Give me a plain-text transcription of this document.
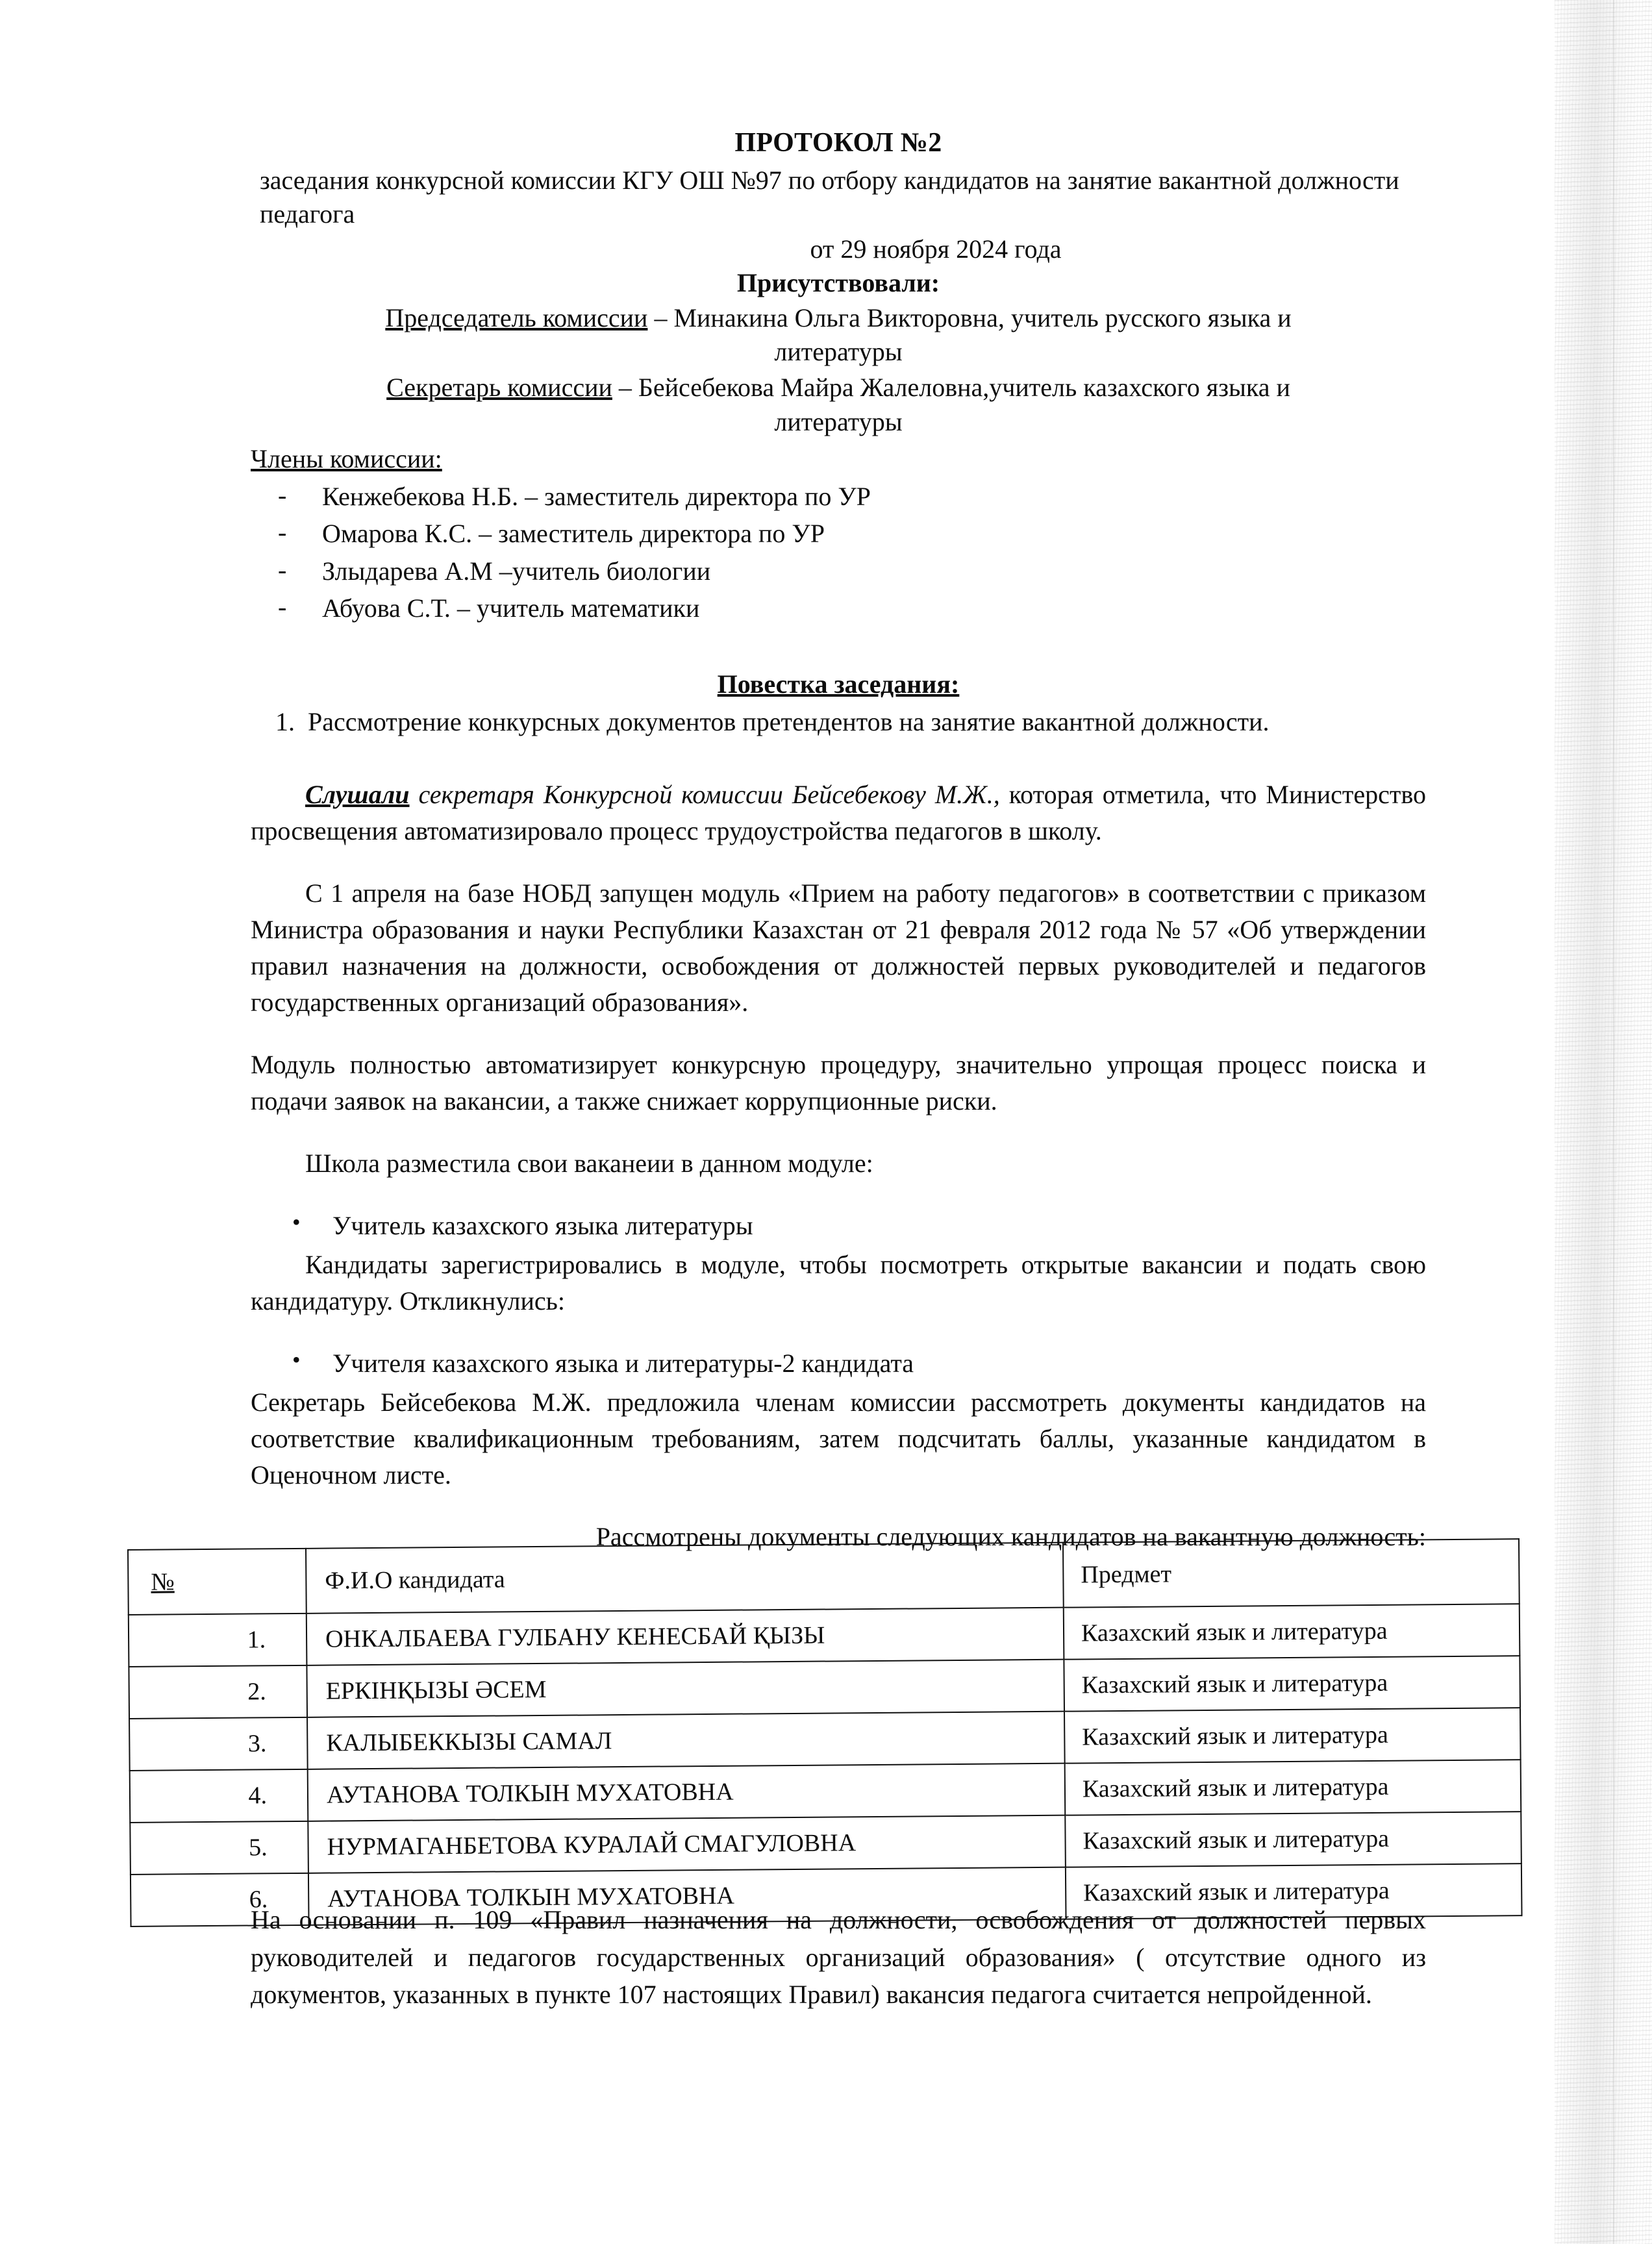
ПРОТОКОЛ №2
заседания конкурсной комиссии КГУ ОШ №97 по отбору кандидатов на занятие вакантной должности педагога
от 29 ноября 2024 года
Присутствовали:
Председатель комиссии – Минакина Ольга Викторовна, учитель русского языка и
литературы
Секретарь комиссии – Бейсебекова Майра Жалеловна,учитель казахского языка и
литературы
Члены комиссии:
- Кенжебекова Н.Б. – заместитель директора по УР
- Омарова К.С. – заместитель директора по УР
- Злыдарева А.М –учитель биологии
- Абуова С.Т. – учитель математики
Повестка заседания:
1. Рассмотрение конкурсных документов претендентов на занятие вакантной должности.

Слушали секретаря Конкурсной комиссии Бейсебекову М.Ж., которая отметила, что Министерство просвещения автоматизировало процесс трудоустройства педагогов в школу.

С 1 апреля на базе НОБД запущен модуль «Прием на работу педагогов» в соответствии с приказом Министра образования и науки Республики Казахстан от 21 февраля 2012 года № 57 «Об утверждении правил назначения на должности, освобождения от должностей первых руководителей и педагогов государственных организаций образования».

Модуль полностью автоматизирует конкурсную процедуру, значительно упрощая процесс поиска и подачи заявок на вакансии, а также снижает коррупционные риски.

Школа разместила свои ваканеии в данном модуле:

• Учитель казахского языка литературы

Кандидаты зарегистрировались в модуле, чтобы посмотреть открытые вакансии и подать свою кандидатуру. Откликнулись:

• Учителя казахского языка и литературы-2 кандидата

Секретарь Бейсебекова М.Ж. предложила членам комиссии рассмотреть документы кандидатов на соответствие квалификационным требованиям, затем подсчитать баллы, указанные кандидатом в Оценочном листе.

Рассмотрены документы следующих кандидатов на вакантную должность:
№	Ф.И.О кандидата	Предмет
1.	ОНКАЛБАЕВА ГУЛБАНУ КЕНЕСБАЙ ҚЫЗЫ	Казахский язык и литература
2.	ЕРКІНҚЫЗЫ ӘСЕМ	Казахский язык и литература
3.	КАЛЫБЕККЫЗЫ САМАЛ	Казахский язык и литература
4.	АУТАНОВА ТОЛКЫН МУХАТОВНА	Казахский язык и литература
5.	НУРМАГАНБЕТОВА КУРАЛАЙ СМАГУЛОВНА	Казахский язык и литература
6.	АУТАНОВА ТОЛКЫН МУХАТОВНА	Казахский язык и литература
На основании п. 109 «Правил назначения на должности, освобождения от должностей первых руководителей и педагогов государственных организаций образования» ( отсутствие одного из документов, указанных в пункте 107 настоящих Правил) вакансия педагога считается непройденной.
